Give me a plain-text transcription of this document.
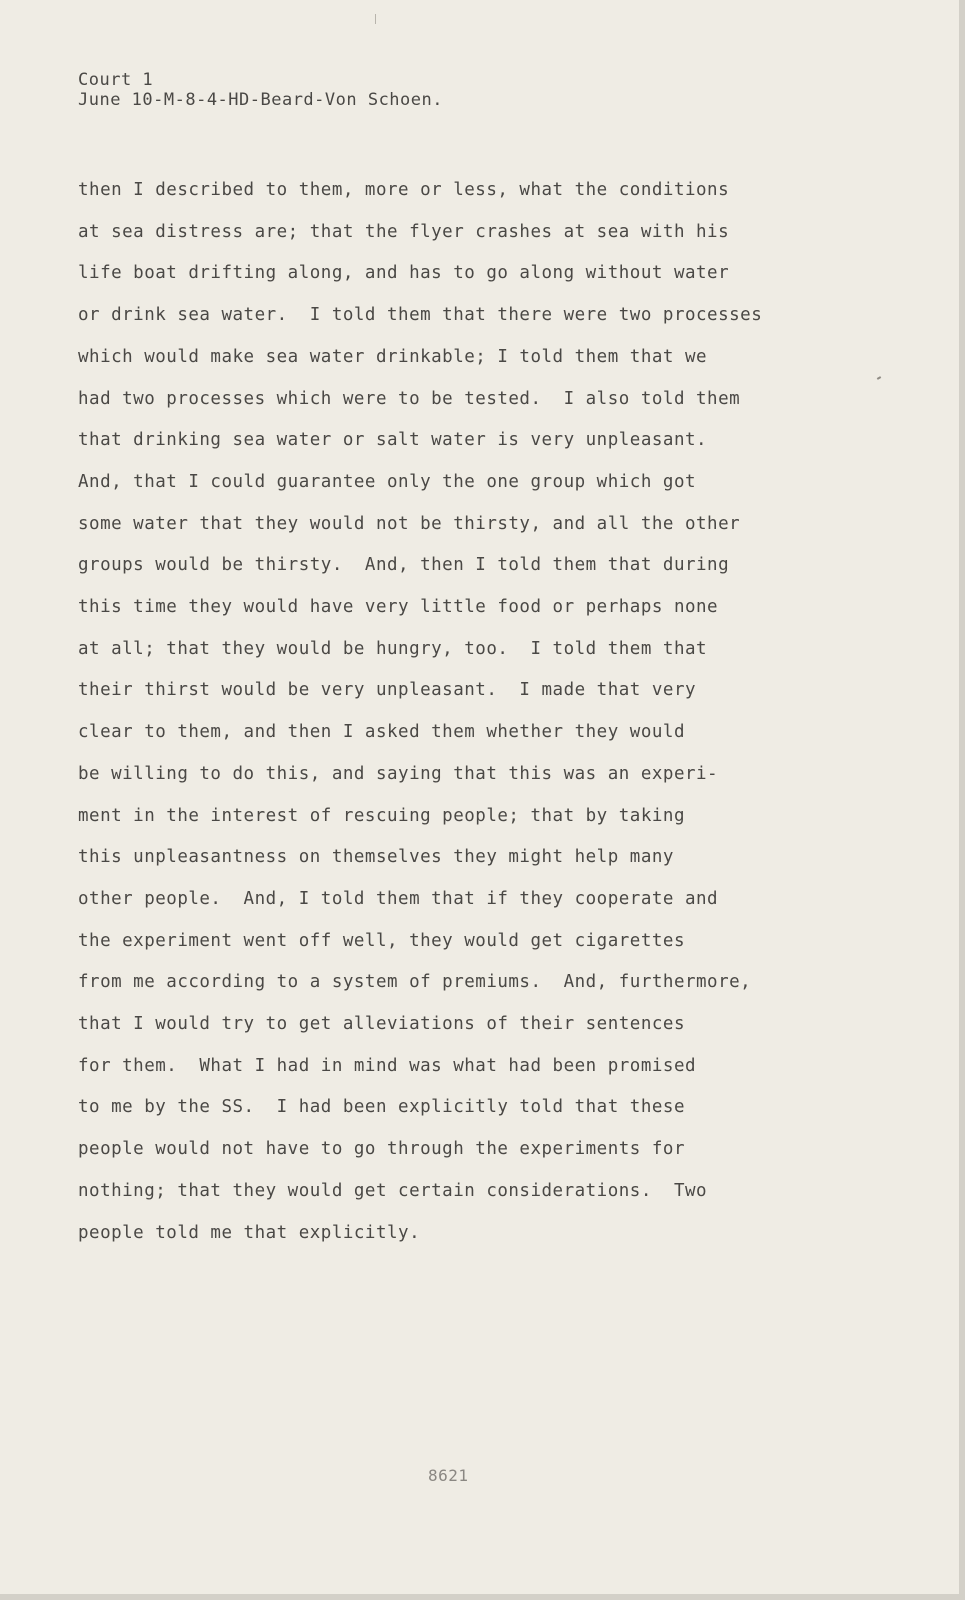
Court 1
June 10-M-8-4-HD-Beard-Von Schoen.
then I described to them, more or less, what the conditions
at sea distress are; that the flyer crashes at sea with his
life boat drifting along, and has to go along without water
or drink sea water.  I told them that there were two processes
which would make sea water drinkable; I told them that we
had two processes which were to be tested.  I also told them
that drinking sea water or salt water is very unpleasant.
And, that I could guarantee only the one group which got
some water that they would not be thirsty, and all the other
groups would be thirsty.  And, then I told them that during
this time they would have very little food or perhaps none
at all; that they would be hungry, too.  I told them that
their thirst would be very unpleasant.  I made that very
clear to them, and then I asked them whether they would
be willing to do this, and saying that this was an experi-
ment in the interest of rescuing people; that by taking
this unpleasantness on themselves they might help many
other people.  And, I told them that if they cooperate and
the experiment went off well, they would get cigarettes
from me according to a system of premiums.  And, furthermore,
that I would try to get alleviations of their sentences
for them.  What I had in mind was what had been promised
to me by the SS.  I had been explicitly told that these
people would not have to go through the experiments for
nothing; that they would get certain considerations.  Two
people told me that explicitly.
8621
